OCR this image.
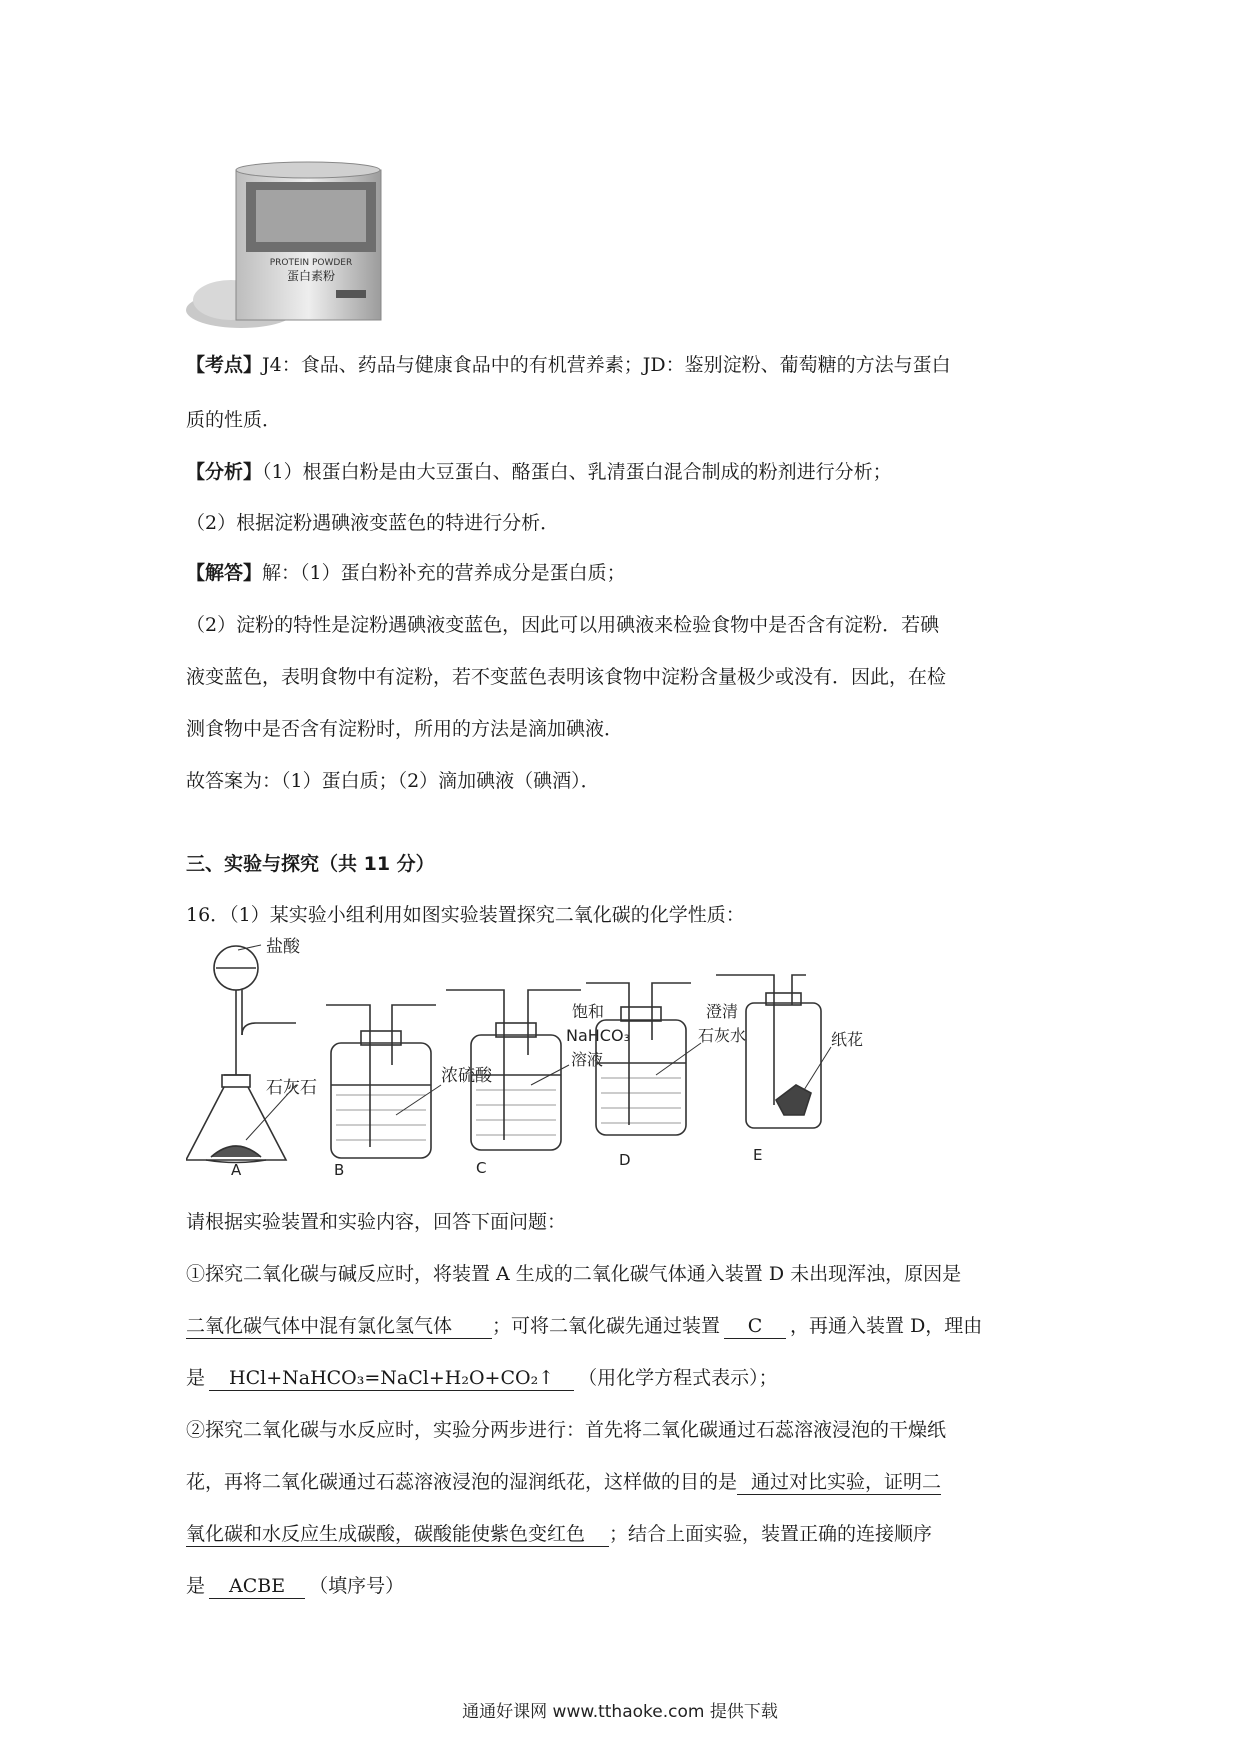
PROTEIN POWDER
蛋白素粉
【考点】J4：食品、药品与健康食品中的有机营养素；JD：鉴别淀粉、葡萄糖的方法与蛋白
质的性质．
【分析】（1）根蛋白粉是由大豆蛋白、酪蛋白、乳清蛋白混合制成的粉剂进行分析；
（2）根据淀粉遇碘液变蓝色的特进行分析．
【解答】解：（1）蛋白粉补充的营养成分是蛋白质；
（2）淀粉的特性是淀粉遇碘液变蓝色，因此可以用碘液来检验食物中是否含有淀粉．若碘
液变蓝色，表明食物中有淀粉，若不变蓝色表明该食物中淀粉含量极少或没有．因此，在检
测食物中是否含有淀粉时，所用的方法是滴加碘液．
故答案为：（1）蛋白质；（2）滴加碘液（碘酒）．
三、实验与探究（共 11 分）
16．（1）某实验小组利用如图实验装置探究二氧化碳的化学性质：
盐酸
石灰石
A
浓硫酸
B
饱和
NaHCO₃
溶液
C
澄清
石灰水
D
纸花
E
请根据实验装置和实验内容，回答下面问题：
①探究二氧化碳与碱反应时，将装置 A 生成的二氧化碳气体通入装置 D 未出现浑浊，原因是
二氧化碳气体中混有氯化氢气体 ；可将二氧化碳先通过装置 C ，再通入装置 D，理由
是 HCl+NaHCO₃=NaCl+H₂O+CO₂↑ （用化学方程式表示）；
②探究二氧化碳与水反应时，实验分两步进行：首先将二氧化碳通过石蕊溶液浸泡的干燥纸
花，再将二氧化碳通过石蕊溶液浸泡的湿润纸花，这样做的目的是 通过对比实验，证明二
氧化碳和水反应生成碳酸，碳酸能使紫色变红色 ；结合上面实验，装置正确的连接顺序
是 ACBE （填序号）
通通好课网 www.tthaoke.com 提供下载
